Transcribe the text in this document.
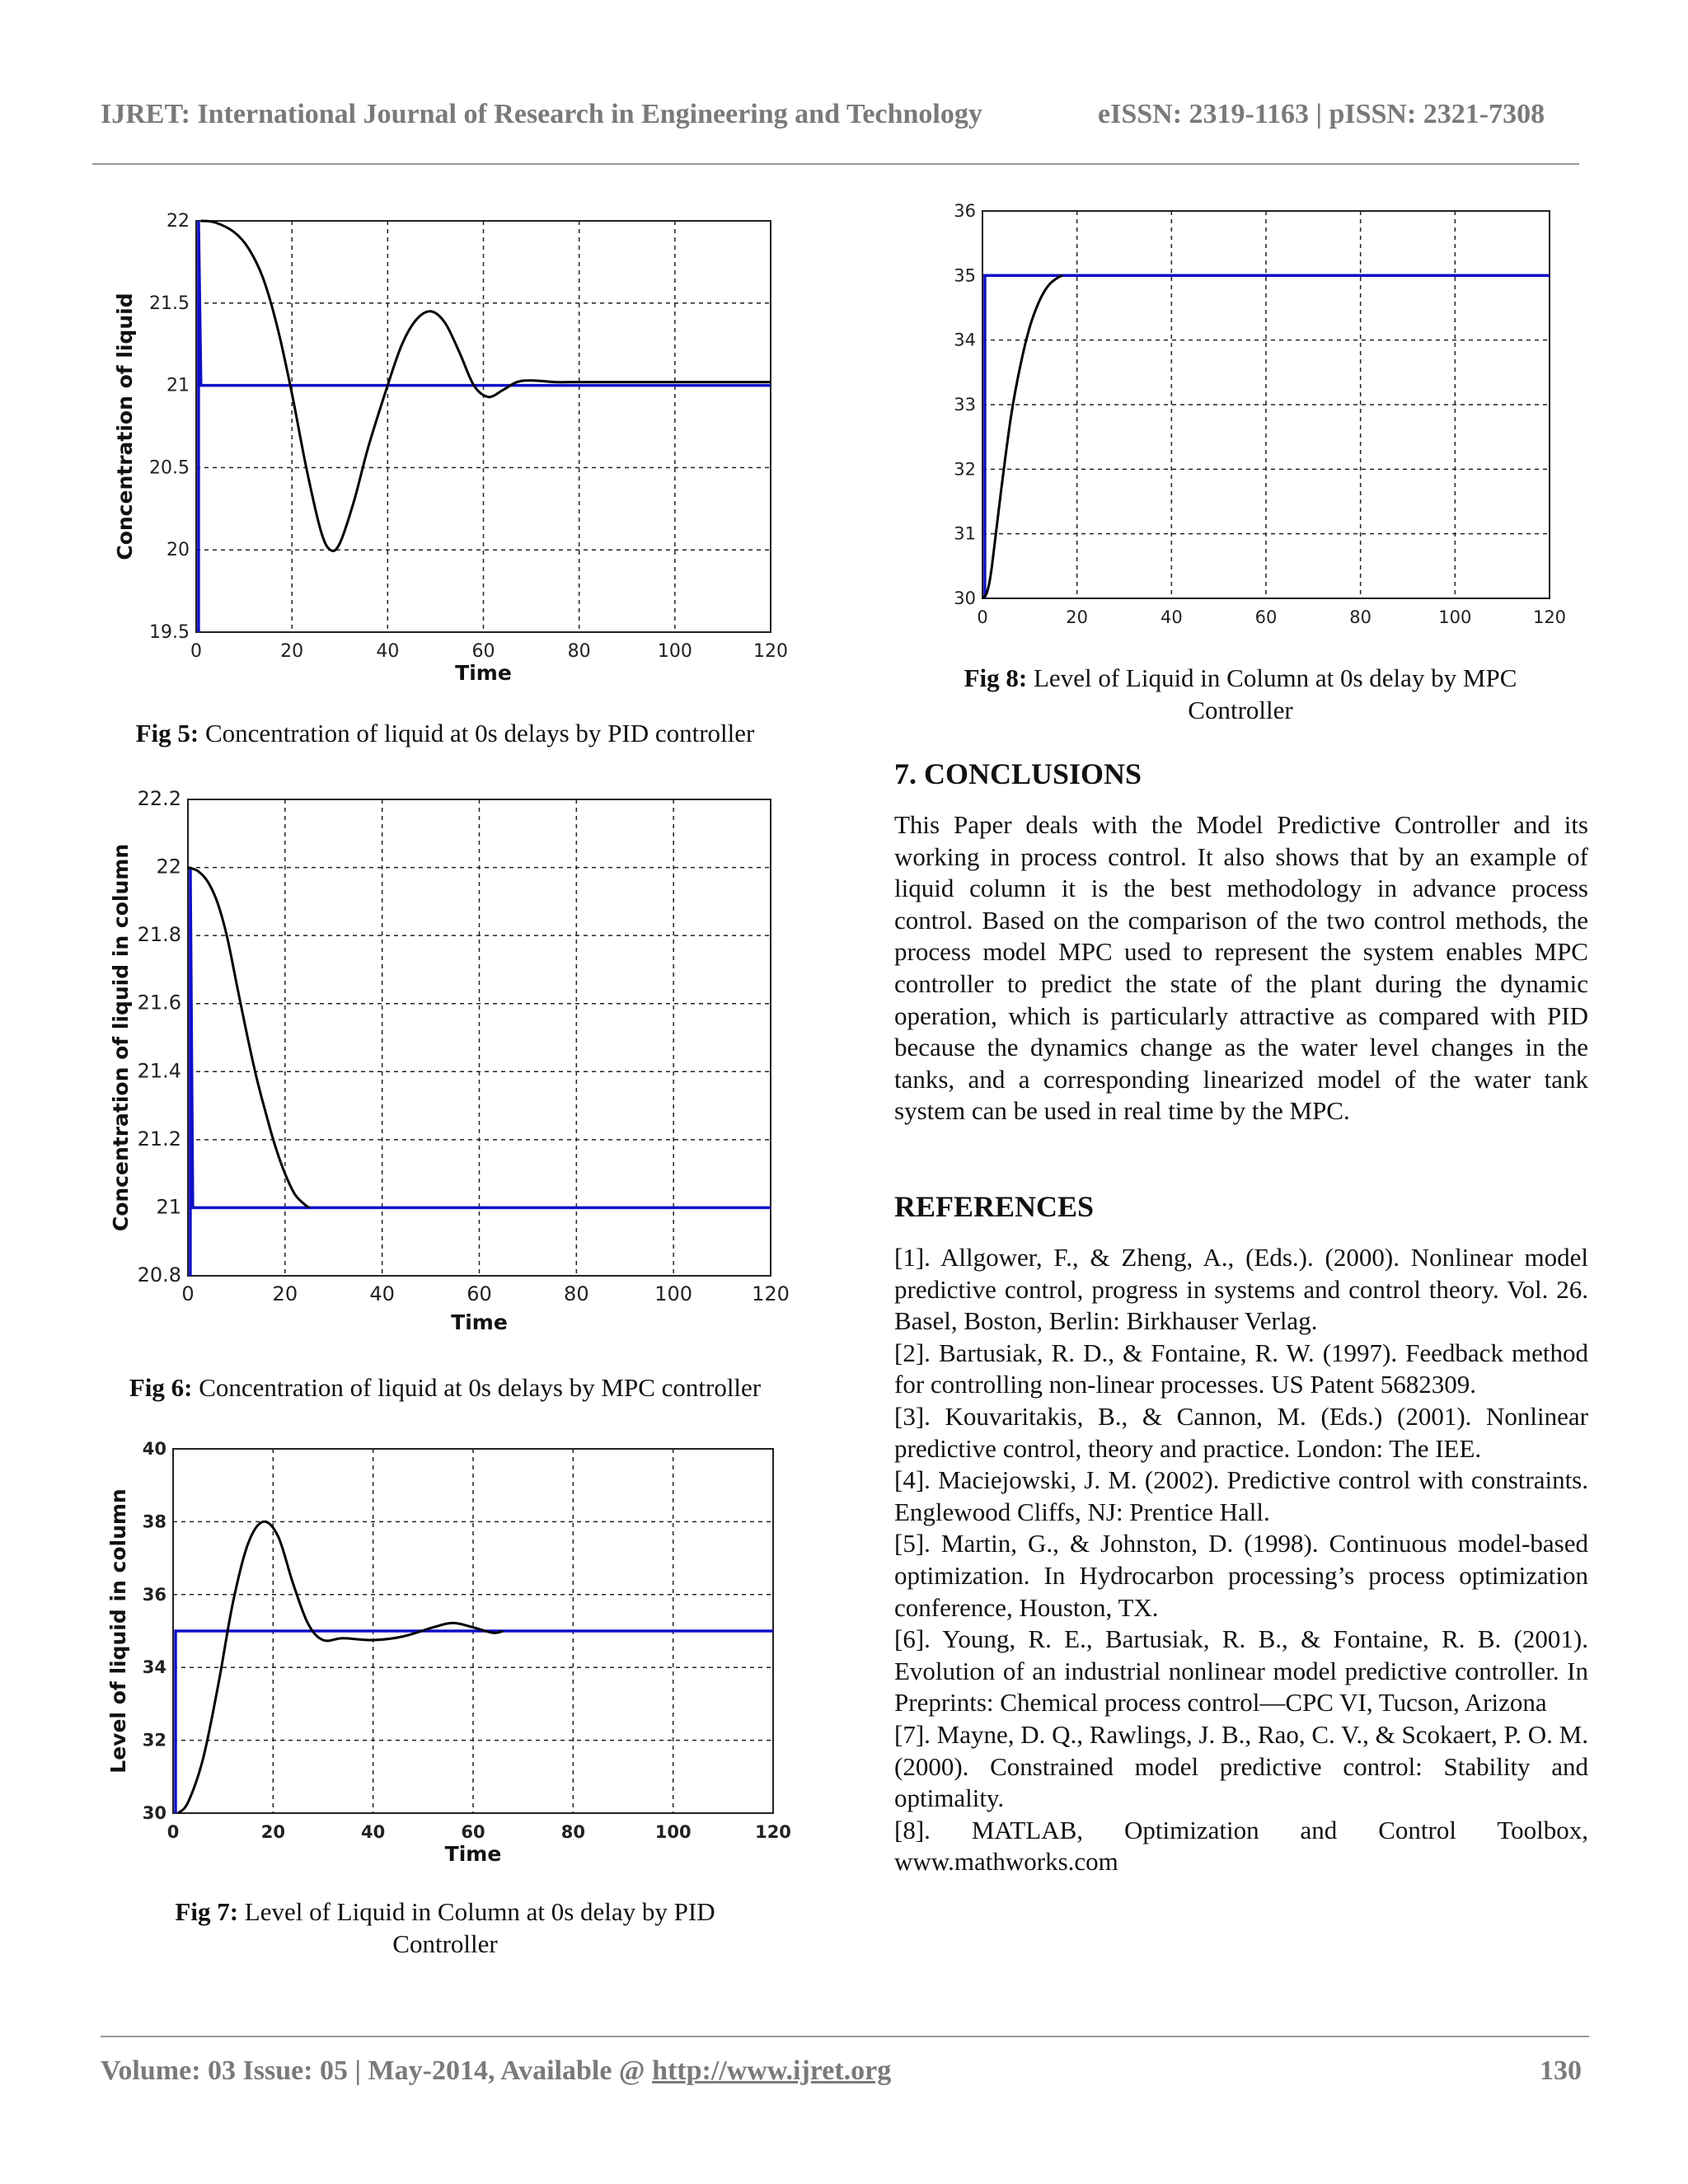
IJRET: International Journal of Research in Engineering and Technology	eISSN: 2319-1163 | pISSN: 2321-7308
0	20	40	60	80	100	120
19.5
20
20.5
21
21.5
22
Time
Concentration of liquid
0	20	40	60	80	100	120
20.8
21
21.2
21.4
21.6
21.8
22
22.2
Time
Concentration of liquid in column
0	20	40	60	80	100	120
30
32
34
36
38
40
Time
Level of liquid in column
0	20	40	60	80	100	120
30
31
32
33
34
35
36
Fig 5: Concentration of liquid at 0s delays by PID controller
Fig 6: Concentration of liquid at 0s delays by MPC controller
Fig 7: Level of Liquid in Column at 0s delay by PID
Controller
Fig 8: Level of Liquid in Column at 0s delay by MPC
Controller
7. CONCLUSIONS
This Paper deals with the Model Predictive Controller and its working in process control. It also shows that by an example of liquid column it is the best methodology in advance process control. Based on the comparison of the two control methods, the process model MPC used to represent the system enables MPC controller to predict the state of the plant during the dynamic operation, which is particularly attractive as compared with PID because the dynamics change as the water level changes in the tanks, and a corresponding linearized model of the water tank system can be used in real time by the MPC.
REFERENCES

[1]. Allgower, F., & Zheng, A., (Eds.). (2000). Nonlinear model predictive control, progress in systems and control theory. Vol. 26. Basel, Boston, Berlin: Birkhauser Verlag.

[2]. Bartusiak, R. D., & Fontaine, R. W. (1997). Feedback method for controlling non-linear processes. US Patent 5682309.

[3]. Kouvaritakis, B., & Cannon, M. (Eds.) (2001). Nonlinear predictive control, theory and practice. London: The IEE.

[4]. Maciejowski, J. M. (2002). Predictive control with constraints. Englewood Cliffs, NJ: Prentice Hall.

[5]. Martin, G., & Johnston, D. (1998). Continuous model-based optimization. In Hydrocarbon processing’s process optimization conference, Houston, TX.

[6]. Young, R. E., Bartusiak, R. B., & Fontaine, R. B. (2001). Evolution of an industrial nonlinear model predictive controller. In Preprints: Chemical process control—CPC VI, Tucson, Arizona

[7]. Mayne, D. Q., Rawlings, J. B., Rao, C. V., & Scokaert, P. O. M. (2000). Constrained model predictive control: Stability and optimality.

[8]. MATLAB, Optimization and Control Toolbox, www.mathworks.com

Volume: 03 Issue: 05 | May-2014, Available @ http://www.ijret.org	130
